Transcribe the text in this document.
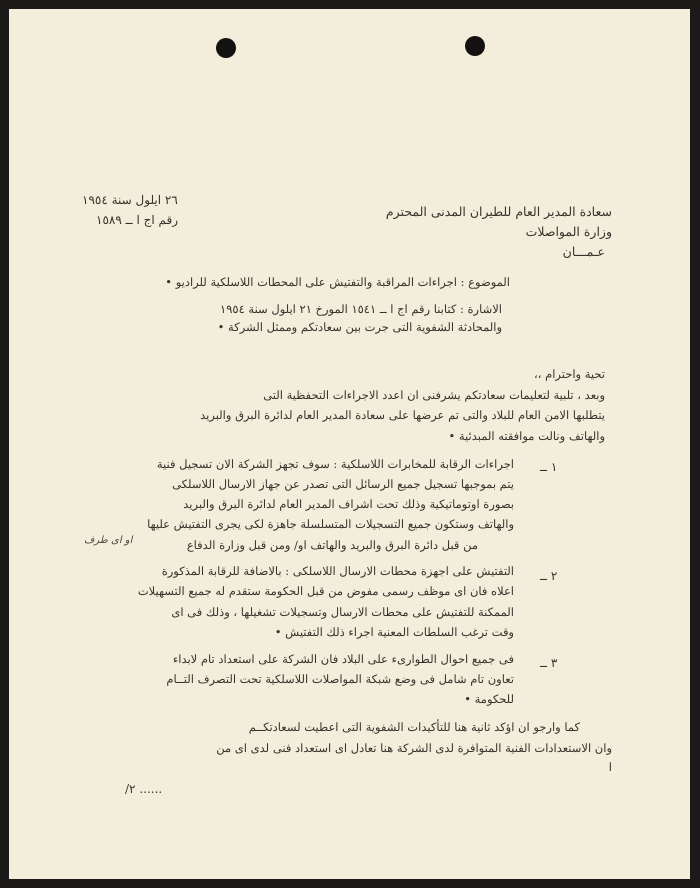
٢٦ ايلول سنة ١٩٥٤
رقم اج ا ــ ١٥٨٩
سعادة المدير العام للطيران المدنى المحترم
وزارة المواصلات
عـمـــان
الموضوع : اجراءات المراقبة والتفتيش على المحطات اللاسلكية للراديو •
الاشارة : كتابنا رقم اج ا ــ ١٥٤١ المورخ ٢١ ايلول سنة ١٩٥٤
والمحادثة الشفوية التى جرت بين سعادتكم وممثل الشركة •
تحية واحترام ،،
وبعد ، تلبية لتعليمات سعادتكم يشرفنى ان اعدد الاجراءات التحفظية التى
يتطلبها الامن العام للبلاد والتى تم عرضها على سعادة المدير العام لدائرة البرق والبريد
والهاتف ونالت موافقته المبدئية •
١ ــ
اجراءات الرقابة للمخابرات اللاسلكية : سوف تجهز الشركة الان تسجيل فنية
يتم بموجبها تسجيل جميع الرسائل التى تصدر عن جهاز الارسال اللاسلكى
بصورة اوتوماتيكية وذلك تحت اشراف المدير العام لدائرة البرق والبريد
والهاتف وستكون جميع التسجيلات المتسلسلة جاهزة لكى يجرى التفتيش عليها
من قبل دائرة البرق والبريد والهاتف او/ ومن قبل وزارة الدفاع
او اى طرف
٢ ــ
التفتيش على اجهزة محطات الارسال اللاسلكى : بالاضافة للرقابة المذكورة
اعلاه فان اى موظف رسمى مفوض من قبل الحكومة ستقدم له جميع التسهيلات
الممكنة للتفتيش على محطات الارسال وتسجيلات تشغيلها ، وذلك فى اى
وقت ترغب السلطات المعنية اجراء ذلك التفتيش •
٣ ــ
فى جميع احوال الطوارىء على البلاد فان الشركة على استعداد تام لابداء
تعاون تام شامل فى وضع شبكة المواصلات اللاسلكية تحت التصرف التــام
للحكومة •
كما وارجو ان اؤكد ثانية هنا للتأكيدات الشفوية التى اعطيت لسعادتكــم
وان الاستعدادات الفنية المتوافرة لدى الشركة هنا تعادل اى استعداد فنى لدى اى من
ا
/٢ ......
